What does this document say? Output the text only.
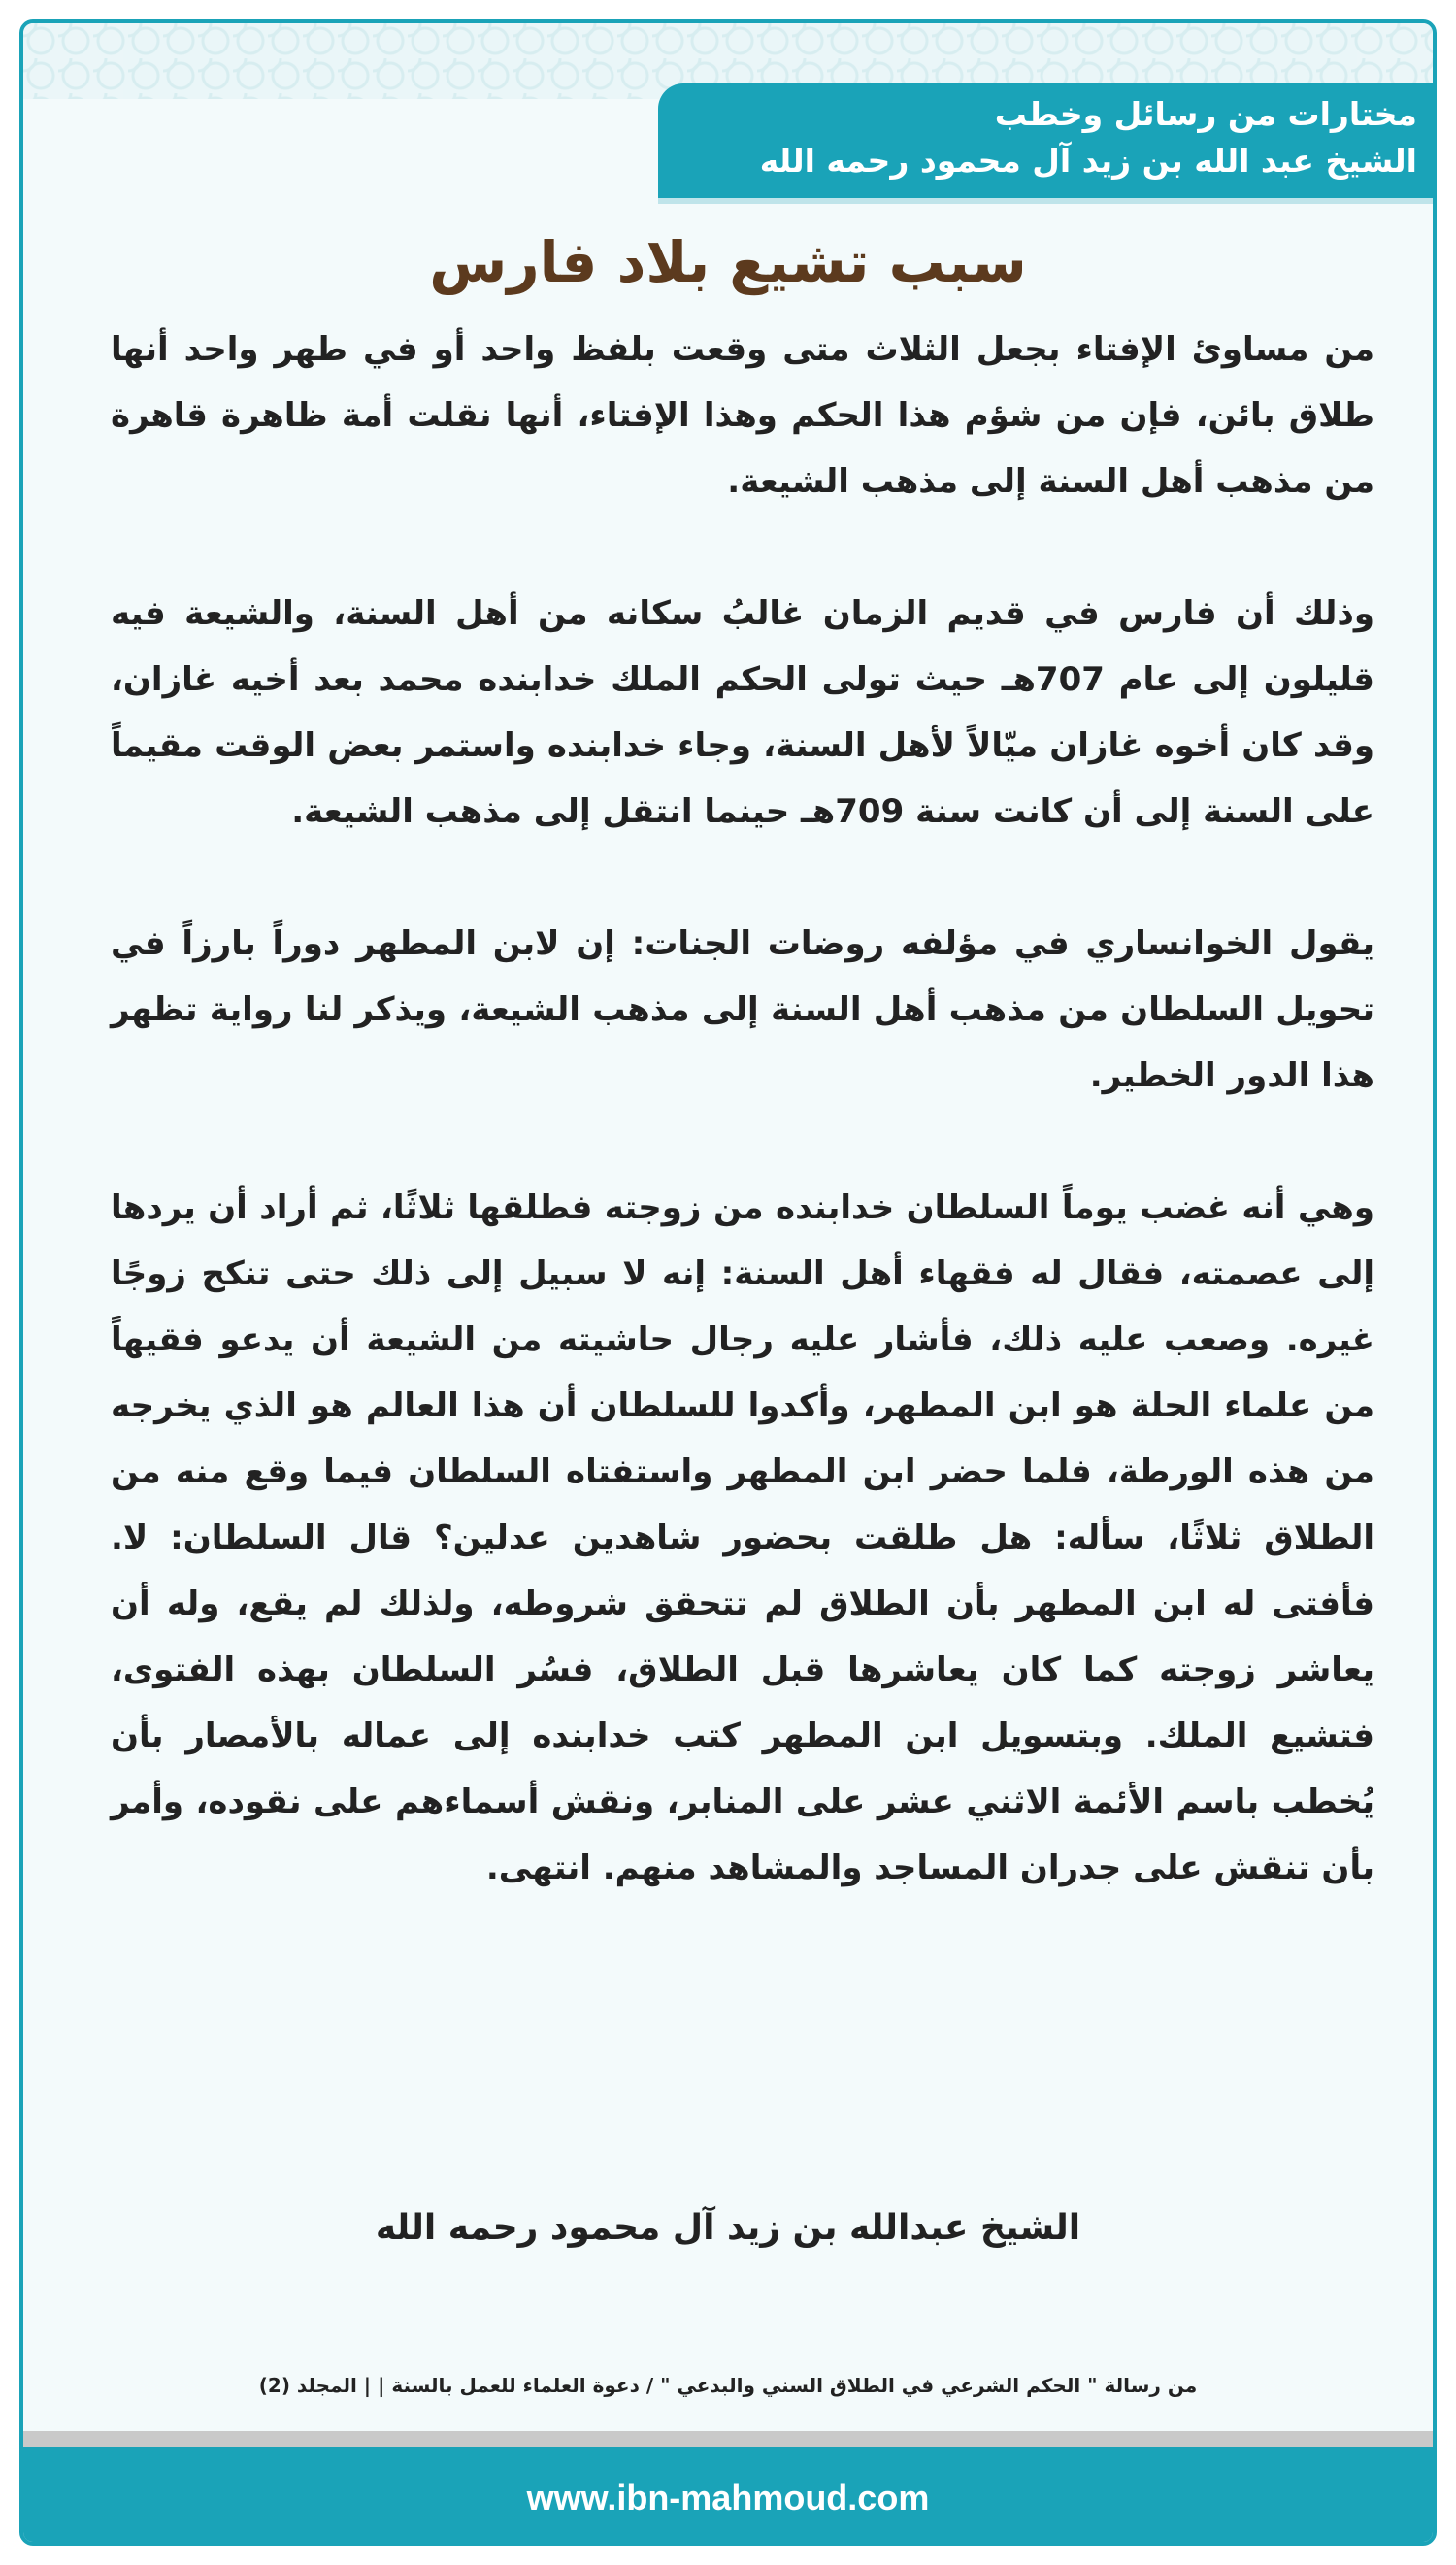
مختارات من رسائل وخطب
الشيخ عبد الله بن زيد آل محمود رحمه الله
سبب تشيع بلاد فارس

من مساوئ الإفتاء بجعل الثلاث متى وقعت بلفظ واحد أو في طهر واحد أنها طلاق بائن، فإن من شؤم هذا الحكم وهذا الإفتاء، أنها نقلت أمة ظاهرة قاهرة من مذهب أهل السنة إلى مذهب الشيعة.

وذلك أن فارس في قديم الزمان غالبُ سكانه من أهل السنة، والشيعة فيه قليلون إلى عام 707هـ حيث تولى الحكم الملك خدابنده محمد بعد أخيه غازان، وقد كان أخوه غازان ميّالاً لأهل السنة، وجاء خدابنده واستمر بعض الوقت مقيماً على السنة إلى أن كانت سنة 709هـ حينما انتقل إلى مذهب الشيعة.

يقول الخوانساري في مؤلفه روضات الجنات: إن لابن المطهر دوراً بارزاً في تحويل السلطان من مذهب أهل السنة إلى مذهب الشيعة، ويذكر لنا رواية تظهر هذا الدور الخطير.

وهي أنه غضب يوماً السلطان خدابنده من زوجته فطلقها ثلاثًا، ثم أراد أن يردها إلى عصمته، فقال له فقهاء أهل السنة: إنه لا سبيل إلى ذلك حتى تنكح زوجًا غيره. وصعب عليه ذلك، فأشار عليه رجال حاشيته من الشيعة أن يدعو فقيهاً من علماء الحلة هو ابن المطهر، وأكدوا للسلطان أن هذا العالم هو الذي يخرجه من هذه الورطة، فلما حضر ابن المطهر واستفتاه السلطان فيما وقع منه من الطلاق ثلاثًا، سأله: هل طلقت بحضور شاهدين عدلين؟ قال السلطان: لا. فأفتى له ابن المطهر بأن الطلاق لم تتحقق شروطه، ولذلك لم يقع، وله أن يعاشر زوجته كما كان يعاشرها قبل الطلاق، فسُر السلطان بهذه الفتوى، فتشيع الملك. وبتسويل ابن المطهر كتب خدابنده إلى عماله بالأمصار بأن يُخطب باسم الأئمة الاثني عشر على المنابر، ونقش أسماءهم على نقوده، وأمر بأن تنقش على جدران المساجد والمشاهد منهم. انتهى.

الشيخ عبدالله بن زيد آل محمود رحمه الله
من رسالة " الحكم الشرعي في الطلاق السني والبدعي " / دعوة العلماء للعمل بالسنة | | المجلد (2)
www.ibn-mahmoud.com
